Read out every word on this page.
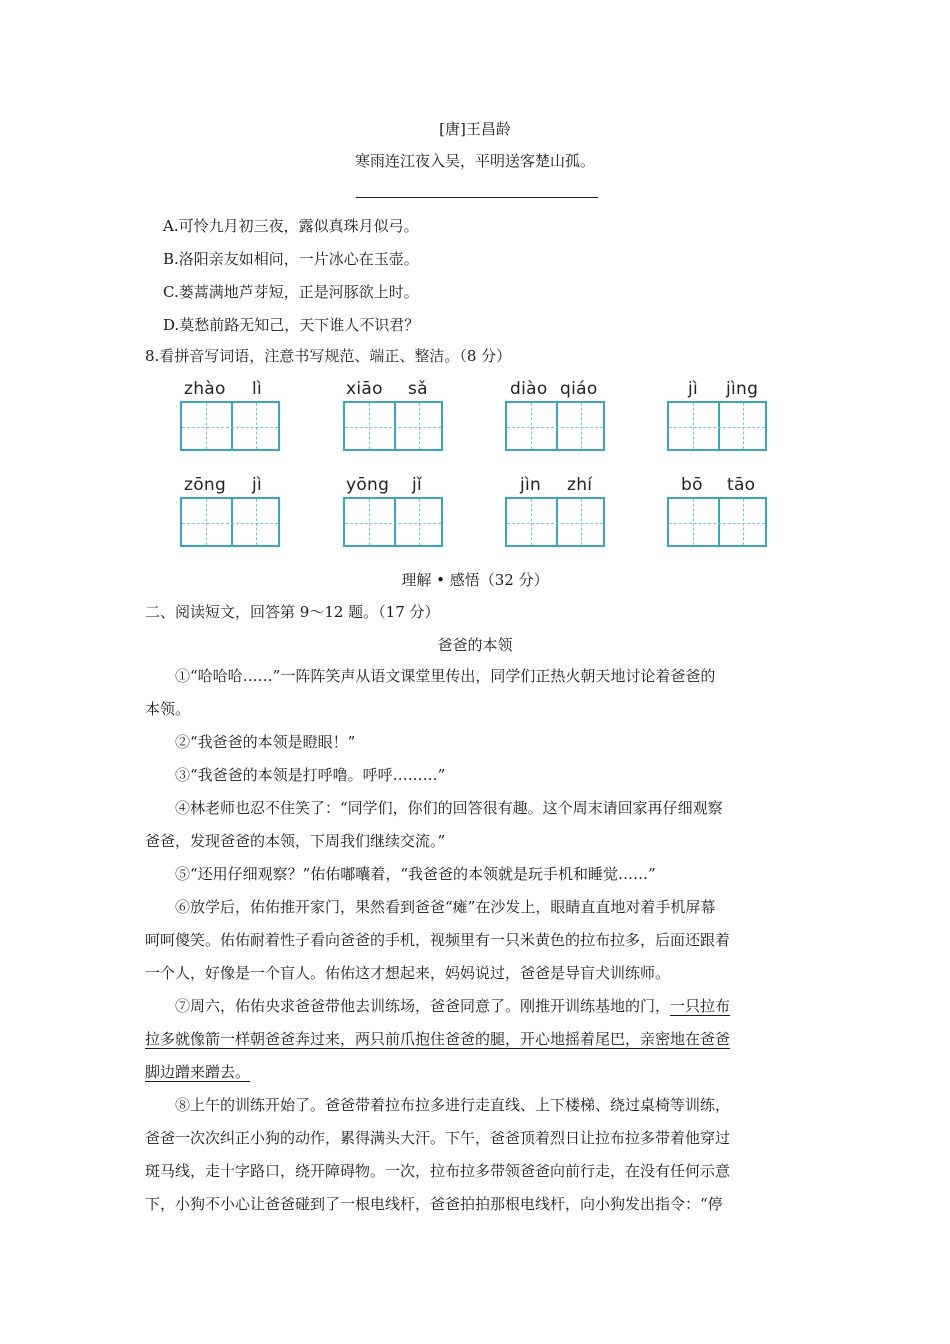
[唐]王昌龄
寒雨连江夜入吴，平明送客楚山孤。
A.可怜九月初三夜，露似真珠月似弓。
B.洛阳亲友如相问，一片冰心在玉壶。
C.蒌蒿满地芦芽短，正是河豚欲上时。
D.莫愁前路无知己，天下谁人不识君？
8.看拼音写词语，注意书写规范、端正、整洁。（8 分）
zhào lì	xiāo sǎ	diào qiáo	jì jìng
zōng jì	yōng jǐ	jìn zhí	bō tāo
理解 • 感悟（32 分）
二、阅读短文，回答第 9～12 题。（17 分）
爸爸的本领
①“哈哈哈……”一阵阵笑声从语文课堂里传出，同学们正热火朝天地讨论着爸爸的
本领。
②“我爸爸的本领是瞪眼！”
③“我爸爸的本领是打呼噜。呼呼………”
④林老师也忍不住笑了：“同学们，你们的回答很有趣。这个周末请回家再仔细观察
爸爸，发现爸爸的本领，下周我们继续交流。”
⑤“还用仔细观察？”佑佑嘟囔着，“我爸爸的本领就是玩手机和睡觉……”
⑥放学后，佑佑推开家门，果然看到爸爸“瘫”在沙发上，眼睛直直地对着手机屏幕
呵呵傻笑。佑佑耐着性子看向爸爸的手机，视频里有一只米黄色的拉布拉多，后面还跟着
一个人，好像是一个盲人。佑佑这才想起来，妈妈说过，爸爸是导盲犬训练师。
⑦周六，佑佑央求爸爸带他去训练场，爸爸同意了。刚推开训练基地的门，一只拉布
拉多就像箭一样朝爸爸奔过来，两只前爪抱住爸爸的腿，开心地摇着尾巴，亲密地在爸爸
脚边蹭来蹭去。
⑧上午的训练开始了。爸爸带着拉布拉多进行走直线、上下楼梯、绕过桌椅等训练，
爸爸一次次纠正小狗的动作，累得满头大汗。下午，爸爸顶着烈日让拉布拉多带着他穿过
斑马线，走十字路口，绕开障碍物。一次，拉布拉多带领爸爸向前行走，在没有任何示意
下，小狗不小心让爸爸碰到了一根电线杆，爸爸拍拍那根电线杆，向小狗发出指令：“停
